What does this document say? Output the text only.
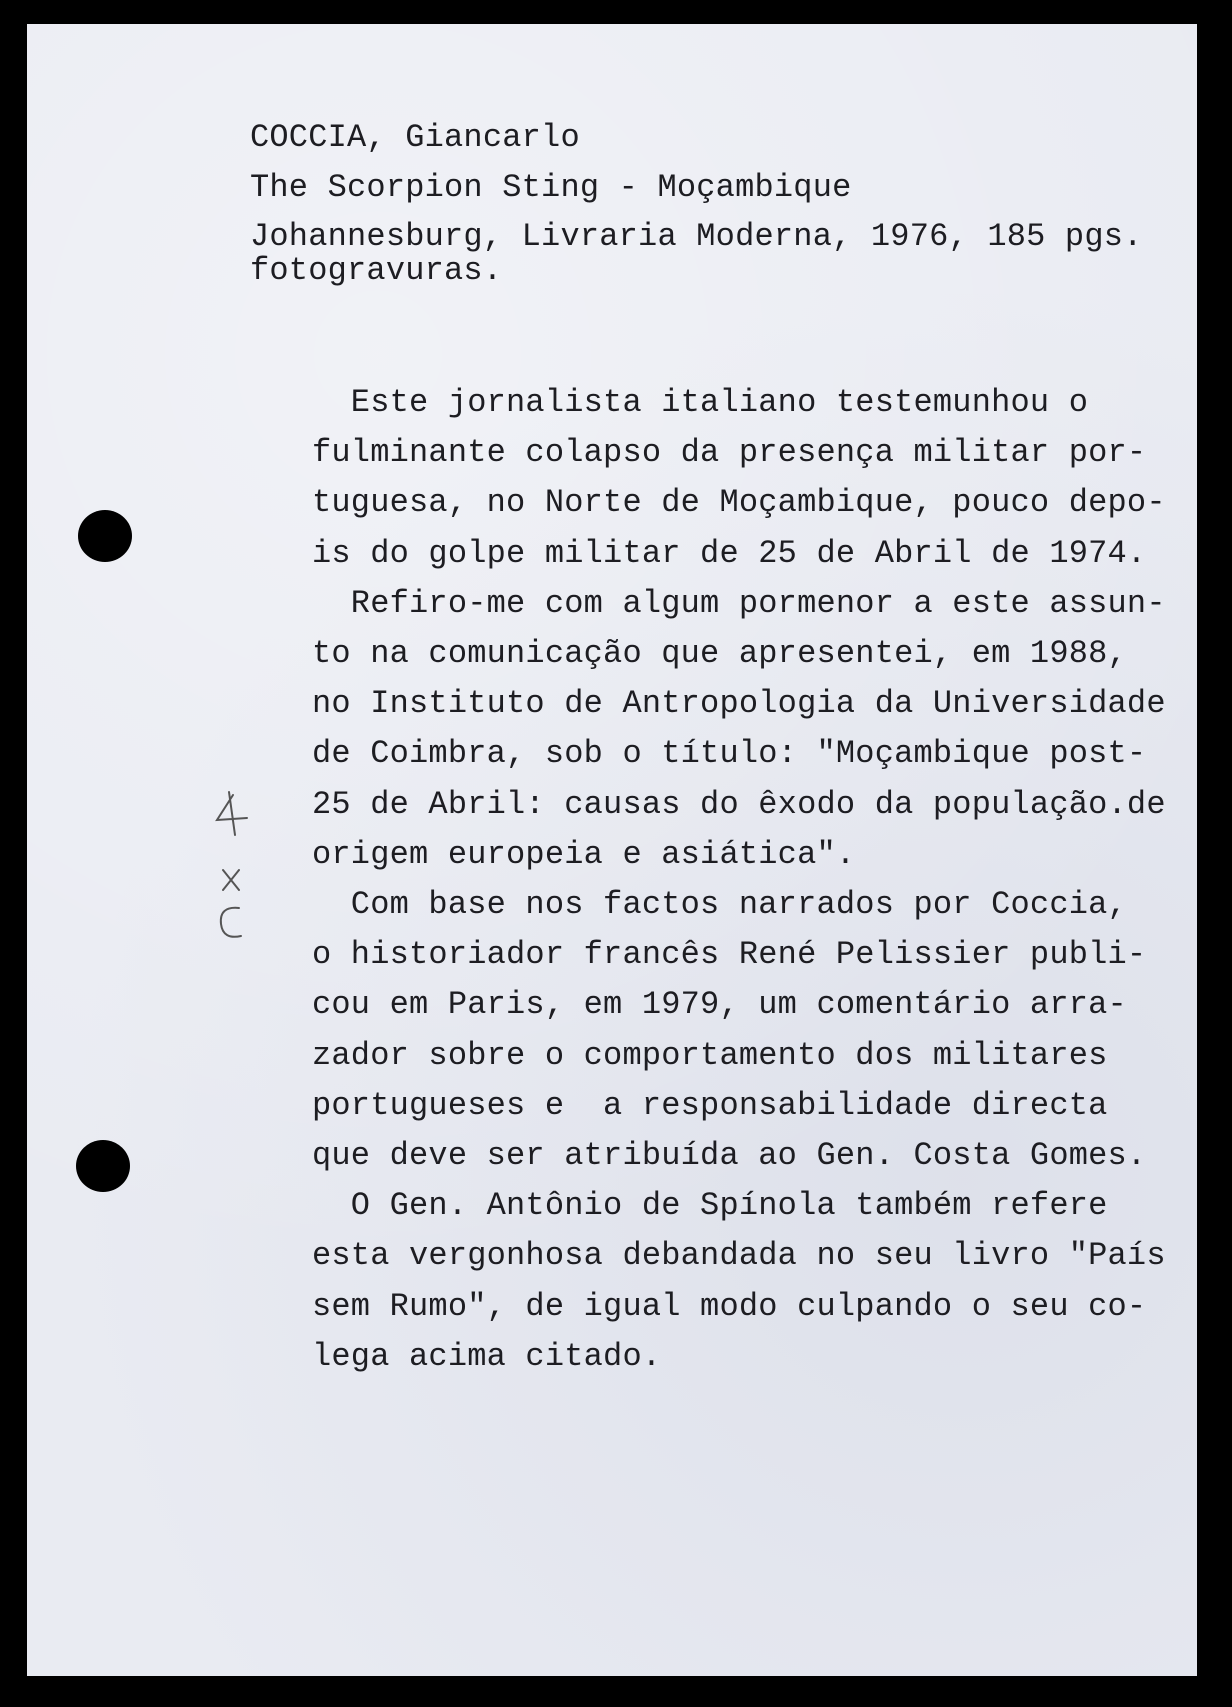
COCCIA, Giancarlo
The Scorpion Sting - Moçambique
Johannesburg, Livraria Moderna, 1976, 185 pgs.
fotogravuras.
Este jornalista italiano testemunhou o
fulminante colapso da presença militar por-
tuguesa, no Norte de Moçambique, pouco depo-
is do golpe militar de 25 de Abril de 1974.
Refiro-me com algum pormenor a este assun-
to na comunicação que apresentei, em 1988,
no Instituto de Antropologia da Universidade
de Coimbra, sob o título: "Moçambique post-
25 de Abril: causas do êxodo da população.de
origem europeia e asiática".
Com base nos factos narrados por Coccia,
o historiador francês René Pelissier publi-
cou em Paris, em 1979, um comentário arra-
zador sobre o comportamento dos militares
portugueses e  a responsabilidade directa
que deve ser atribuída ao Gen. Costa Gomes.
O Gen. Antônio de Spínola também refere
esta vergonhosa debandada no seu livro "País
sem Rumo", de igual modo culpando o seu co-
lega acima citado.
